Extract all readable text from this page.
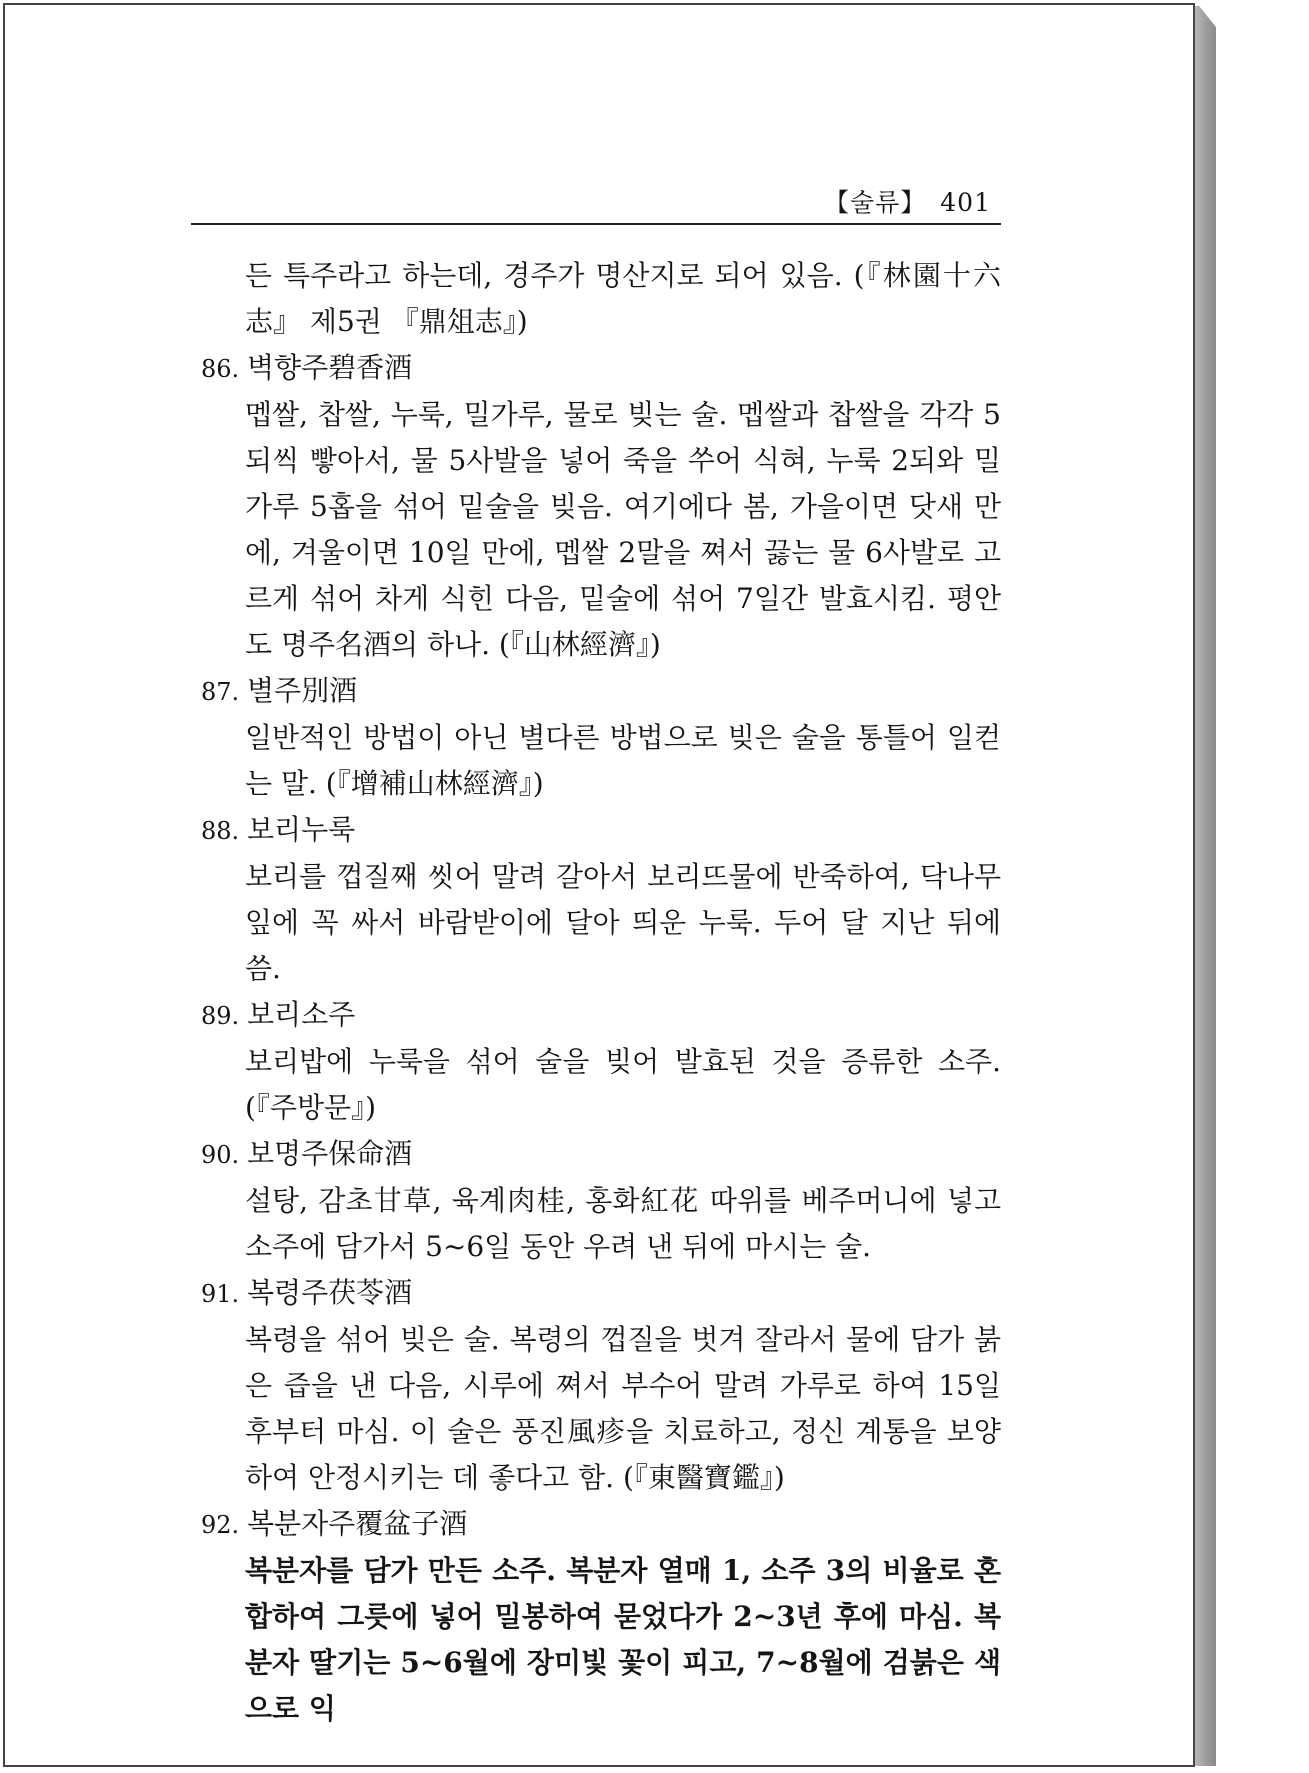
【술류】 401
든 특주라고 하는데, 경주가 명산지로 되어 있음. (『林園十六志』 제5권 『鼎俎志』)
86. 벽향주碧香酒
멥쌀, 찹쌀, 누룩, 밀가루, 물로 빚는 술. 멥쌀과 찹쌀을 각각 5되씩 빻아서, 물 5사발을 넣어 죽을 쑤어 식혀, 누룩 2되와 밀가루 5홉을 섞어 밑술을 빚음. 여기에다 봄, 가을이면 닷새 만에, 겨울이면 10일 만에, 멥쌀 2말을 쪄서 끓는 물 6사발로 고르게 섞어 차게 식힌 다음, 밑술에 섞어 7일간 발효시킴. 평안도 명주名酒의 하나. (『山林經濟』)
87. 별주別酒
일반적인 방법이 아닌 별다른 방법으로 빚은 술을 통틀어 일컫는 말. (『增補山林經濟』)
88. 보리누룩
보리를 껍질째 씻어 말려 갈아서 보리뜨물에 반죽하여, 닥나무잎에 꼭 싸서 바람받이에 달아 띄운 누룩. 두어 달 지난 뒤에 씀.
89. 보리소주
보리밥에 누룩을 섞어 술을 빚어 발효된 것을 증류한 소주. (『주방문』)
90. 보명주保命酒
설탕, 감초甘草, 육계肉桂, 홍화紅花 따위를 베주머니에 넣고 소주에 담가서 5~6일 동안 우려 낸 뒤에 마시는 술.
91. 복령주茯苓酒
복령을 섞어 빚은 술. 복령의 껍질을 벗겨 잘라서 물에 담가 붉은 즙을 낸 다음, 시루에 쪄서 부수어 말려 가루로 하여 15일 후부터 마심. 이 술은 풍진風疹을 치료하고, 정신 계통을 보양하여 안정시키는 데 좋다고 함. (『東醫寶鑑』)
92. 복분자주覆盆子酒
복분자를 담가 만든 소주. 복분자 열매 1, 소주 3의 비율로 혼합하여 그릇에 넣어 밀봉하여 묻었다가 2~3년 후에 마심. 복분자 딸기는 5~6월에 장미빛 꽃이 피고, 7~8월에 검붉은 색으로 익
